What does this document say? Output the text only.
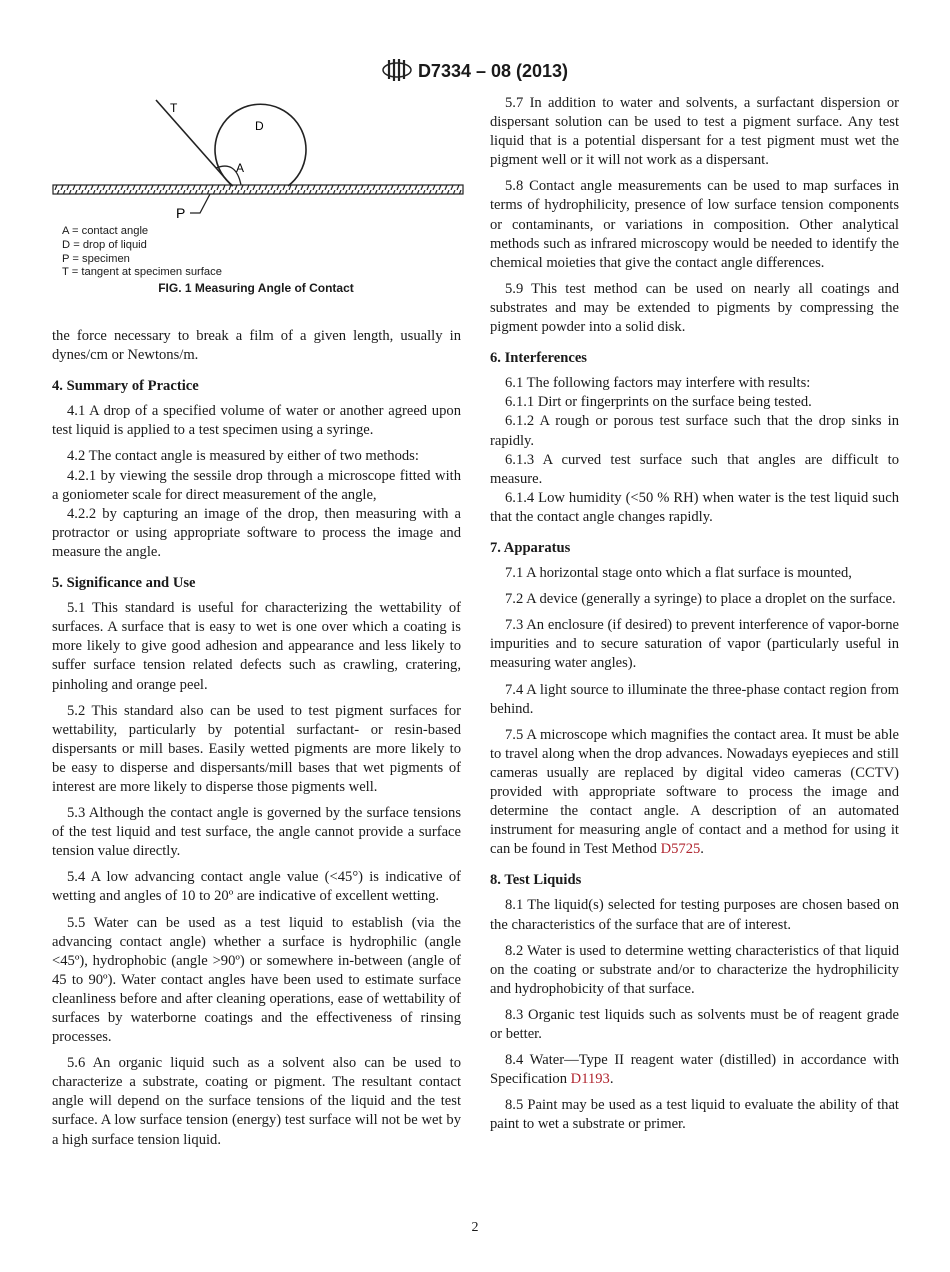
D7334 – 08 (2013)
T
D
A
P
A = contact angle
D = drop of liquid
P = specimen
T = tangent at specimen surface
FIG. 1 Measuring Angle of Contact

the force necessary to break a film of a given length, usually in dynes/cm or Newtons/m.

4. Summary of Practice

4.1 A drop of a specified volume of water or another agreed upon test liquid is applied to a test specimen using a syringe.

4.2 The contact angle is measured by either of two methods:

4.2.1 by viewing the sessile drop through a microscope fitted with a goniometer scale for direct measurement of the angle,

4.2.2 by capturing an image of the drop, then measuring with a protractor or using appropriate software to process the image and measure the angle.

5. Significance and Use

5.1 This standard is useful for characterizing the wettability of surfaces. A surface that is easy to wet is one over which a coating is more likely to give good adhesion and appearance and less likely to suffer surface tension related defects such as crawling, cratering, pinholing and orange peel.

5.2 This standard also can be used to test pigment surfaces for wettability, particularly by potential surfactant- or resin-based dispersants or mill bases. Easily wetted pigments are more likely to be easy to disperse and dispersants/mill bases that wet pigments of interest are more likely to disperse those pigments well.

5.3 Although the contact angle is governed by the surface tensions of the test liquid and test surface, the angle cannot provide a surface tension value directly.

5.4 A low advancing contact angle value (<45°) is indicative of wetting and angles of 10 to 20º are indicative of excellent wetting.

5.5 Water can be used as a test liquid to establish (via the advancing contact angle) whether a surface is hydrophilic (angle <45º), hydrophobic (angle >90º) or somewhere in-between (angle of 45 to 90º). Water contact angles have been used to estimate surface cleanliness before and after cleaning operations, ease of wettability of surfaces by waterborne coatings and the effectiveness of rinsing processes.

5.6 An organic liquid such as a solvent also can be used to characterize a substrate, coating or pigment. The resultant contact angle will depend on the surface tensions of the liquid and the test surface. A low surface tension (energy) test surface will not be wet by a high surface tension liquid.

5.7 In addition to water and solvents, a surfactant dispersion or dispersant solution can be used to test a pigment surface. Any test liquid that is a potential dispersant for a test pigment must wet the pigment well or it will not work as a dispersant.

5.8 Contact angle measurements can be used to map surfaces in terms of hydrophilicity, presence of low surface tension components or contaminants, or variations in composition. Other analytical methods such as infrared microscopy would be needed to identify the chemical moieties that give the contact angle differences.

5.9 This test method can be used on nearly all coatings and substrates and may be extended to pigments by compressing the pigment powder into a solid disk.

6. Interferences

6.1 The following factors may interfere with results:

6.1.1 Dirt or fingerprints on the surface being tested.

6.1.2 A rough or porous test surface such that the drop sinks in rapidly.

6.1.3 A curved test surface such that angles are difficult to measure.

6.1.4 Low humidity (<50 % RH) when water is the test liquid such that the contact angle changes rapidly.

7. Apparatus

7.1 A horizontal stage onto which a flat surface is mounted,

7.2 A device (generally a syringe) to place a droplet on the surface.

7.3 An enclosure (if desired) to prevent interference of vapor-borne impurities and to secure saturation of vapor (particularly useful in measuring water angles).

7.4 A light source to illuminate the three-phase contact region from behind.

7.5 A microscope which magnifies the contact area. It must be able to travel along when the drop advances. Nowadays eyepieces and still cameras usually are replaced by digital video cameras (CCTV) provided with appropriate software to process the image and determine the contact angle. A description of an automated instrument for measuring angle of contact and a method for using it can be found in Test Method D5725.

8. Test Liquids

8.1 The liquid(s) selected for testing purposes are chosen based on the characteristics of the surface that are of interest.

8.2 Water is used to determine wetting characteristics of that liquid on the coating or substrate and/or to characterize the hydrophilicity and hydrophobicity of that surface.

8.3 Organic test liquids such as solvents must be of reagent grade or better.

8.4 Water—Type II reagent water (distilled) in accordance with Specification D1193.

8.5 Paint may be used as a test liquid to evaluate the ability of that paint to wet a substrate or primer.

2
